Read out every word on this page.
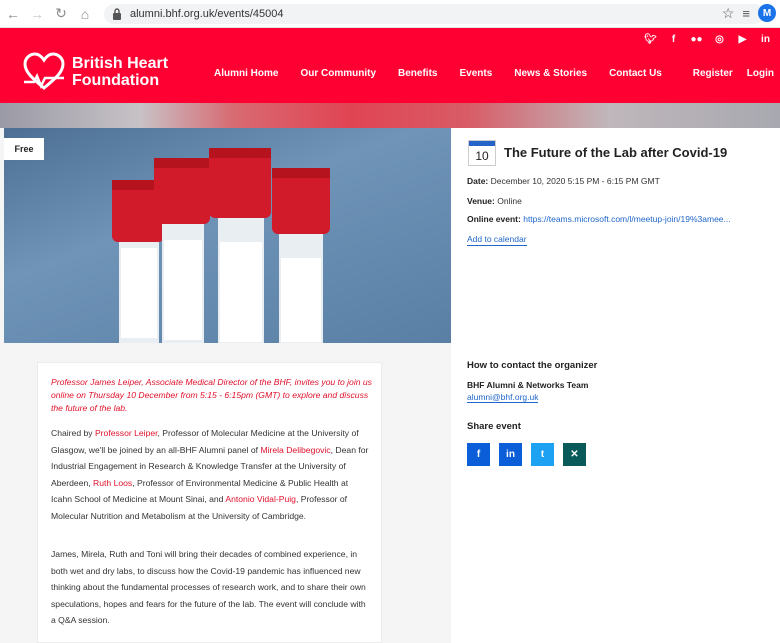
← → ↻ ⌂	alumni.bhf.org.uk/events/45004	☆ ≡	M
🐦︎	f	●● ◎ ▶ in
British Heart
Foundation	Alumni Home Our Community Benefits Events News & Stories Contact Us	Register Login
Free	10	The Future of the Lab after Covid-19
Date: December 10, 2020 5:15 PM - 6:15 PM GMT
Venue: Online
Online event: https://teams.microsoft.com/l/meetup-join/19%3amee...
Add to calendar
Professor James Leiper, Associate Medical Director of the BHF, invites you to join us online on Thursday 10 December from 5:15 - 6:15pm (GMT) to explore and discuss the future of the lab.
Chaired by Professor Leiper, Professor of Molecular Medicine at the University of Glasgow, we'll be joined by an all-BHF Alumni panel of Mirela Delibegovic, Dean for Industrial Engagement in Research & Knowledge Transfer at the University of Aberdeen, Ruth Loos, Professor of Environmental Medicine & Public Health at Icahn School of Medicine at Mount Sinai, and Antonio Vidal-Puig, Professor of Molecular Nutrition and Metabolism at the University of Cambridge.
James, Mirela, Ruth and Toni will bring their decades of combined experience, in both wet and dry labs, to discuss how the Covid-19 pandemic has influenced new thinking about the fundamental processes of research work, and to share their own speculations, hopes and fears for the future of the lab. The event will conclude with a Q&A session.
How to contact the organizer
BHF Alumni & Networks Team
alumni@bhf.org.uk
Share event
f	in	t	✕
